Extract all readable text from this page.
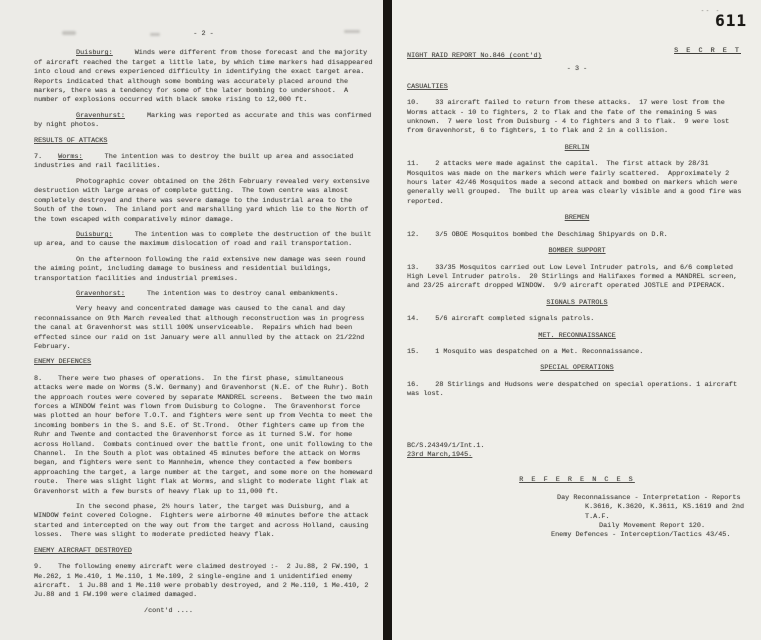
- 2 -

Duisburg:	Winds were different from those forecast and the majority of aircraft reached the target a little late, by which time markers had disappeared into cloud and crews experienced difficulty in identifying the exact target area.  Reports indicated that although some bombing was accurately placed around the markers, there was a tendency for some of the later bombing to undershoot.  A number of explosions occurred with black smoke rising to 12,000 ft.

Gravenhurst:	Marking was reported as accurate and this was confirmed by night photos.

RESULTS OF ATTACKS

7. Worms:	The intention was to destroy the built up area and associated industries and rail facilities.

Photographic cover obtained on the 26th February revealed very extensive destruction with large areas of complete gutting.  The town centre was almost completely destroyed and there was severe damage to the industrial area to the South of the town.  The inland port and marshalling yard which lie to the North of the town escaped with comparatively minor damage.

Duisburg:	The intention was to complete the destruction of the built up area, and to cause the maximum dislocation of road and rail transportation.

On the afternoon following the raid extensive new damage was seen round the aiming point, including damage to business and residential buildings, transportation facilities and industrial premises.

Gravenhorst:	The intention was to destroy canal embankments.

Very heavy and concentrated damage was caused to the canal and day reconnaissance on 9th March revealed that although reconstruction was in progress the canal at Gravenhorst was still 100% unserviceable.  Repairs which had been effected since our raid on 1st January were all annulled by the attack on 21/22nd February.

ENEMY DEFENCES

8. There were two phases of operations.  In the first phase, simultaneous attacks were made on Worms (S.W. Germany) and Gravenhorst (N.E. of the Ruhr). Both the approach routes were covered by separate MANDREL screens.  Between the two main forces a WINDOW feint was flown from Duisburg to Cologne.  The Gravenhorst force was plotted an hour before T.O.T. and fighters were sent up from Vechta to meet the incoming bombers in the S. and S.E. of St.Trond.  Other fighters came up from the Ruhr and Twente and contacted the Gravenhorst force as it turned S.W. for home across Holland.  Combats continued over the battle front, one unit following to the Channel.  In the South a plot was obtained 45 minutes before the attack on Worms began, and fighters were sent to Mannheim, whence they contacted a few bombers approaching the target, a large number at the target, and some more on the homeward route.  There was slight light flak at Worms, and slight to moderate light flak at Gravenhorst with a few bursts of heavy flak up to 11,000 ft.

In the second phase, 2½ hours later, the target was Duisburg, and a WINDOW feint covered Cologne.  Fighters were airborne 40 minutes before the attack started and intercepted on the way out from the target and across Holland, causing losses.  There was slight to moderate predicted heavy flak.

ENEMY AIRCRAFT DESTROYED

9. The following enemy aircraft were claimed destroyed :-  2 Ju.88, 2 FW.190, 1 Me.262, 1 Me.410, 1 Me.110, 1 Me.109, 2 single-engine and 1 unidentified enemy aircraft.  1 Ju.88 and 1 Me.110 were probably destroyed, and 2 Me.110, 1 Me.410, 2 Ju.88 and 1 FW.190 were claimed damaged.

/cont'd ....
-- -
611
NIGHT RAID REPORT No.846 (cont'd)
S E C R E T
- 3 -
CASUALTIES

10. 33 aircraft failed to return from these attacks.  17 were lost from the Worms attack - 10 to fighters, 2 to flak and the fate of the remaining 5 was unknown.  7 were lost from Duisburg - 4 to fighters and 3 to flak.  9 were lost from Gravenhorst, 6 to fighters, 1 to flak and 2 in a collision.

BERLIN

11. 2 attacks were made against the capital.  The first attack by 28/31 Mosquitos was made on the markers which were fairly scattered.  Approximately 2 hours later 42/46 Mosquitos made a second attack and bombed on markers which were generally well grouped.  The built up area was clearly visible and a good fire was reported.

BREMEN

12. 3/5 OBOE Mosquitos bombed the Deschimag Shipyards on D.R.

BOMBER SUPPORT

13. 33/35 Mosquitos carried out Low Level Intruder patrols, and 6/6 completed High Level Intruder patrols.  20 Stirlings and Halifaxes formed a MANDREL screen, and 23/25 aircraft dropped WINDOW.  9/9 aircraft operated JOSTLE and PIPERACK.

SIGNALS PATROLS

14. 5/6 aircraft completed signals patrols.

MET. RECONNAISSANCE

15. 1 Mosquito was despatched on a Met. Reconnaissance.

SPECIAL OPERATIONS

16. 28 Stirlings and Hudsons were despatched on special operations. 1 aircraft was lost.

BC/S.24349/1/Int.1.
23rd March,1945.
R E F E R E N C E S
Day Reconnaissance - Interpretation - Reports
K.3616, K.3620, K.3611, KS.1619 and 2nd T.A.F.
Daily Movement Report 120.
Enemy Defences - Interception/Tactics 43/45.
